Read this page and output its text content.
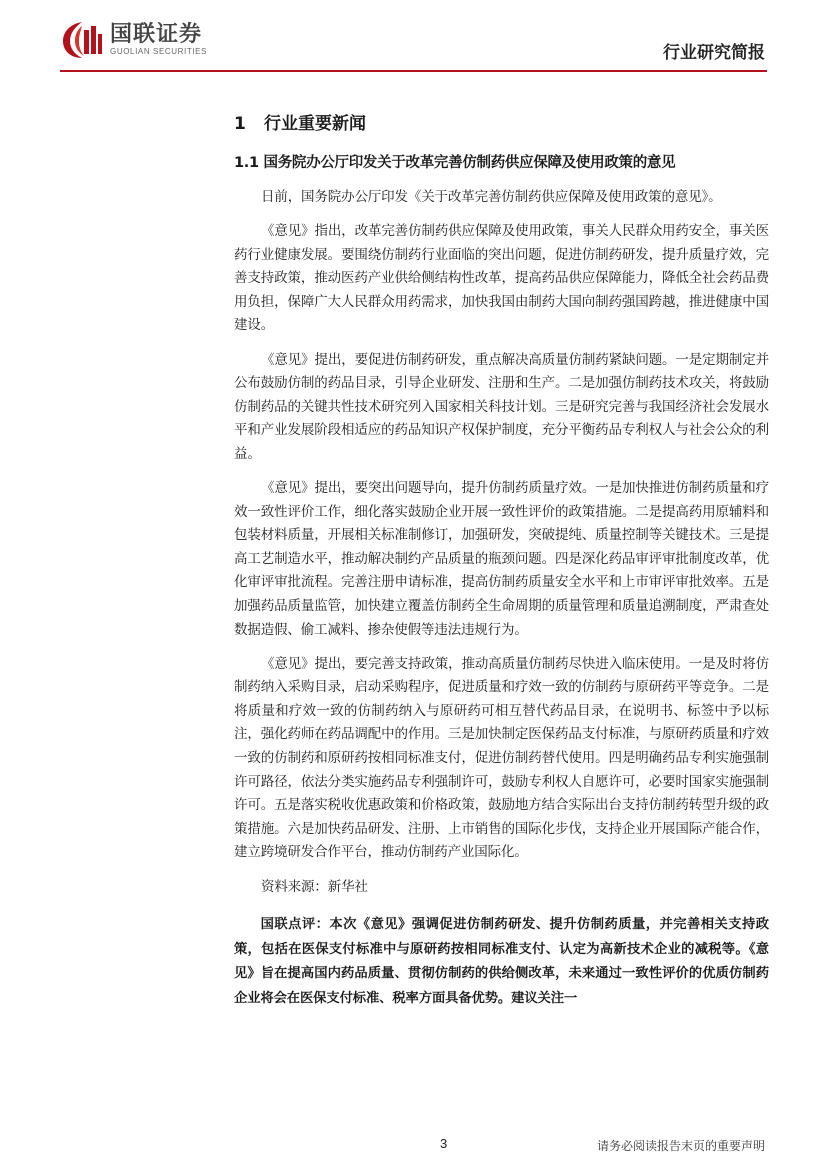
国联证券
GUOLIAN SECURITIES	行业研究简报
1 行业重要新闻
1.1 国务院办公厅印发关于改革完善仿制药供应保障及使用政策的意见

日前，国务院办公厅印发《关于改革完善仿制药供应保障及使用政策的意见》。

《意见》指出，改革完善仿制药供应保障及使用政策，事关人民群众用药安全，事关医药行业健康发展。要围绕仿制药行业面临的突出问题，促进仿制药研发，提升质量疗效，完善支持政策，推动医药产业供给侧结构性改革，提高药品供应保障能力，降低全社会药品费用负担，保障广大人民群众用药需求，加快我国由制药大国向制药强国跨越，推进健康中国建设。

《意见》提出，要促进仿制药研发，重点解决高质量仿制药紧缺问题。一是定期制定并公布鼓励仿制的药品目录，引导企业研发、注册和生产。二是加强仿制药技术攻关，将鼓励仿制药品的关键共性技术研究列入国家相关科技计划。三是研究完善与我国经济社会发展水平和产业发展阶段相适应的药品知识产权保护制度，充分平衡药品专利权人与社会公众的利益。

《意见》提出，要突出问题导向，提升仿制药质量疗效。一是加快推进仿制药质量和疗效一致性评价工作，细化落实鼓励企业开展一致性评价的政策措施。二是提高药用原辅料和包装材料质量，开展相关标准制修订，加强研发，突破提纯、质量控制等关键技术。三是提高工艺制造水平，推动解决制约产品质量的瓶颈问题。四是深化药品审评审批制度改革，优化审评审批流程。完善注册申请标准，提高仿制药质量安全水平和上市审评审批效率。五是加强药品质量监管，加快建立覆盖仿制药全生命周期的质量管理和质量追溯制度，严肃查处数据造假、偷工减料、掺杂使假等违法违规行为。

《意见》提出，要完善支持政策，推动高质量仿制药尽快进入临床使用。一是及时将仿制药纳入采购目录，启动采购程序，促进质量和疗效一致的仿制药与原研药平等竞争。二是将质量和疗效一致的仿制药纳入与原研药可相互替代药品目录，在说明书、标签中予以标注，强化药师在药品调配中的作用。三是加快制定医保药品支付标准，与原研药质量和疗效一致的仿制药和原研药按相同标准支付，促进仿制药替代使用。四是明确药品专利实施强制许可路径，依法分类实施药品专利强制许可，鼓励专利权人自愿许可，必要时国家实施强制许可。五是落实税收优惠政策和价格政策，鼓励地方结合实际出台支持仿制药转型升级的政策措施。六是加快药品研发、注册、上市销售的国际化步伐，支持企业开展国际产能合作，建立跨境研发合作平台，推动仿制药产业国际化。

资料来源：新华社

国联点评：本次《意见》强调促进仿制药研发、提升仿制药质量，并完善相关支持政策，包括在医保支付标准中与原研药按相同标准支付、认定为高新技术企业的减税等。《意见》旨在提高国内药品质量、贯彻仿制药的供给侧改革，未来通过一致性评价的优质仿制药企业将会在医保支付标准、税率方面具备优势。建议关注一

3	请务必阅读报告末页的重要声明
